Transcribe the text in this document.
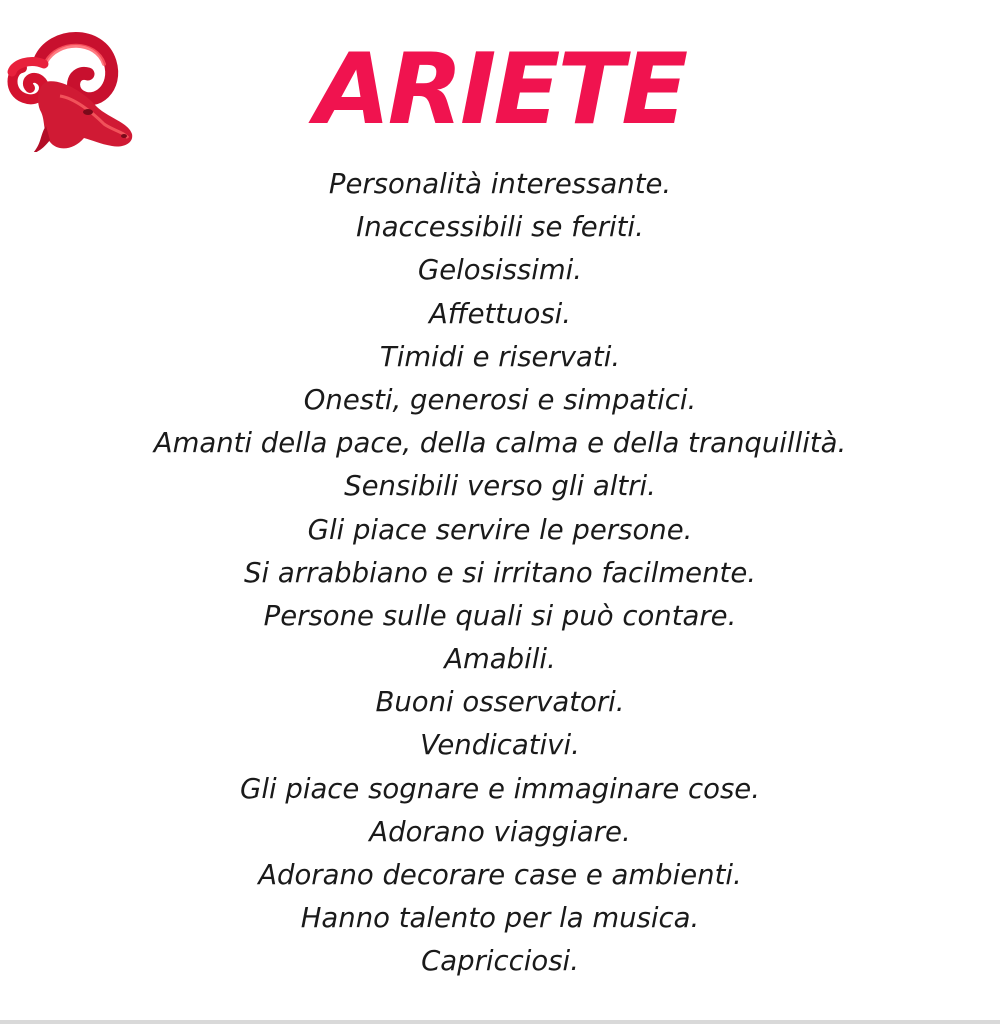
ARIETE
Personalità interessante.
Inaccessibili se feriti.
Gelosissimi.
Affettuosi.
Timidi e riservati.
Onesti, generosi e simpatici.
Amanti della pace, della calma e della tranquillità.
Sensibili verso gli altri.
Gli piace servire le persone.
Si arrabbiano e si irritano facilmente.
Persone sulle quali si può contare.
Amabili.
Buoni osservatori.
Vendicativi.
Gli piace sognare e immaginare cose.
Adorano viaggiare.
Adorano decorare case e ambienti.
Hanno talento per la musica.
Capricciosi.
